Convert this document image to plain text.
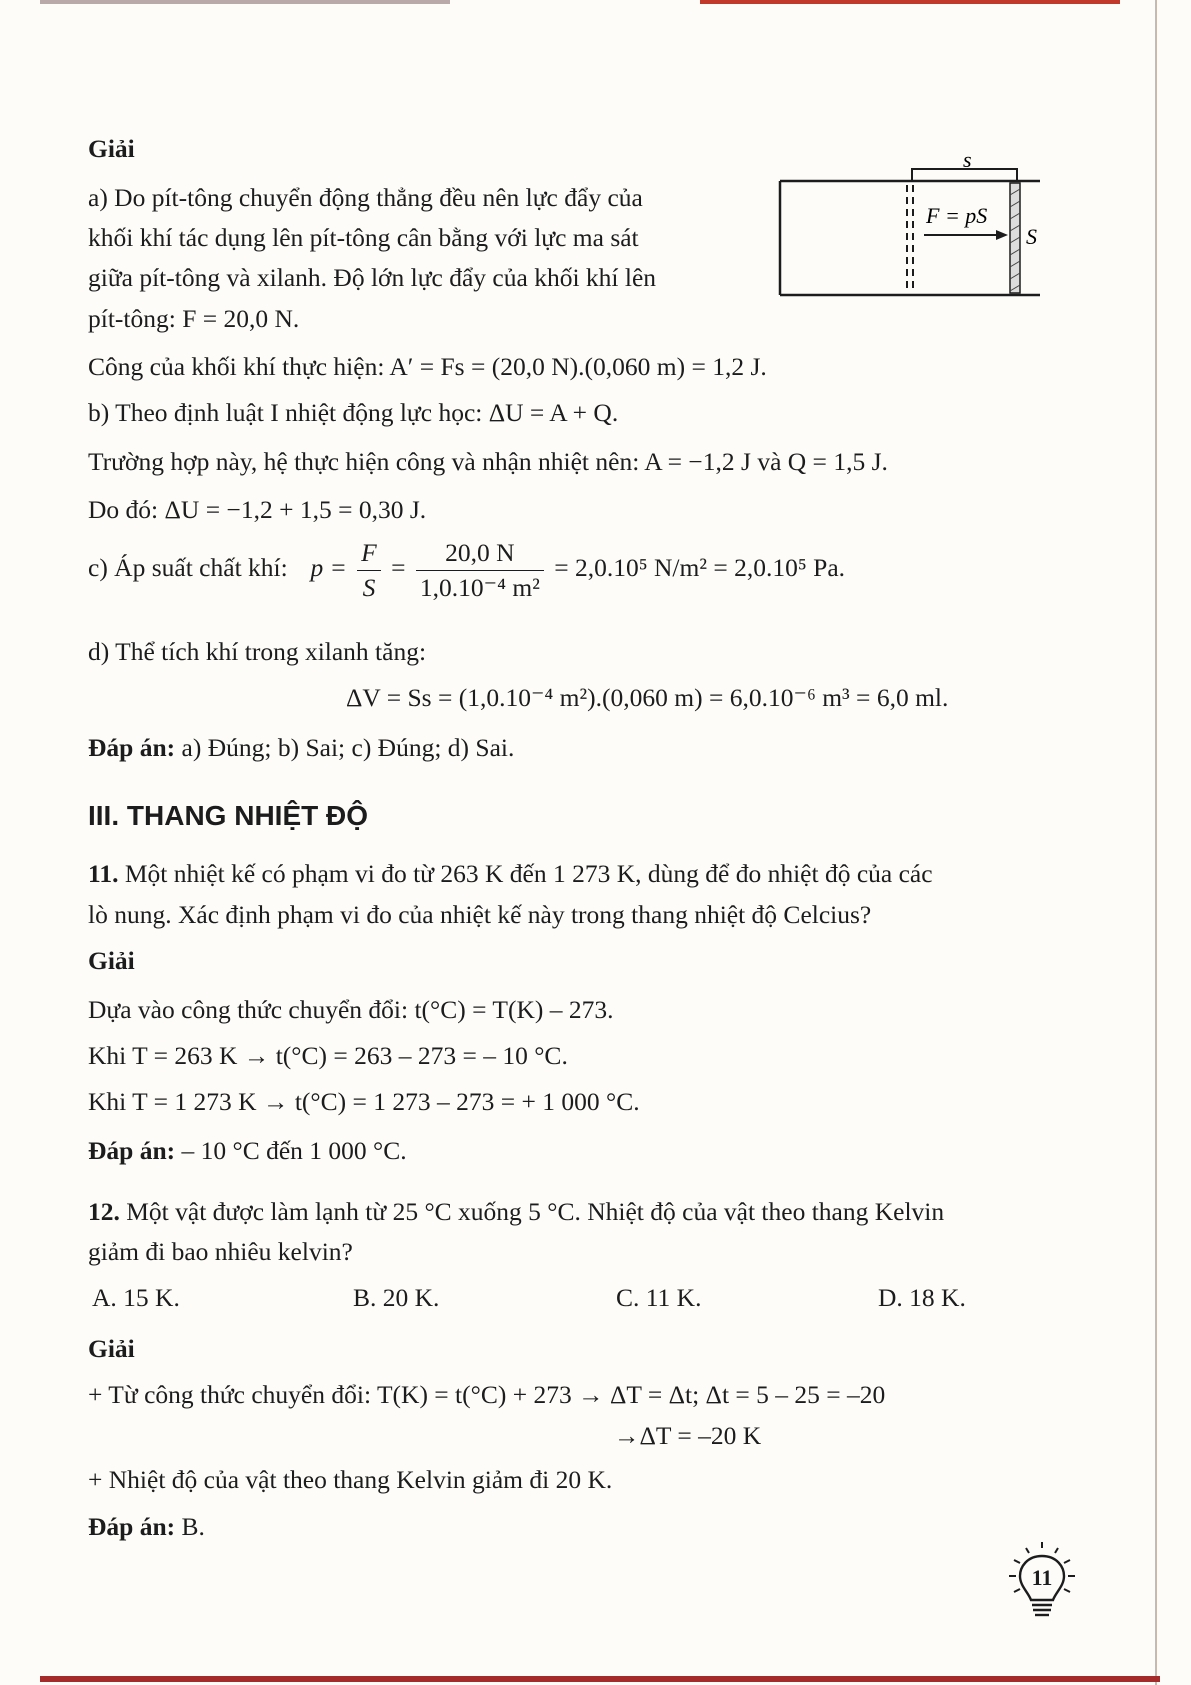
Giải	s
F = pS
S
a) Do pít-tông chuyển động thẳng đều nên lực đẩy của
khối khí tác dụng lên pít-tông cân bằng với lực ma sát
giữa pít-tông và xilanh. Độ lớn lực đẩy của khối khí lên
pít-tông: F = 20,0 N.
Công của khối khí thực hiện: A′ = Fs = (20,0 N).(0,060 m) = 1,2 J.
b) Theo định luật I nhiệt động lực học: ΔU = A + Q.
Trường hợp này, hệ thực hiện công và nhận nhiệt nên: A = −1,2 J và Q = 1,5 J.
Do đó: ΔU = −1,2 + 1,5 = 0,30 J.
c) Áp suất chất khí: $p = \frac{F}{S} = \frac{20,0 N}{\text{1,0.10⁻⁴ m²}} = 2,0.10^5$ N/m² = 2,0.10⁵ Pa.
d) Thể tích khí trong xilanh tăng:
ΔV = Ss = (1,0.10⁻⁴ m²).(0,060 m) = 6,0.10⁻⁶ m³ = 6,0 ml.
Đáp án: a) Đúng; b) Sai; c) Đúng; d) Sai.
III. THANG NHIỆT ĐỘ
11. Một nhiệt kế có phạm vi đo từ 263 K đến 1 273 K, dùng để đo nhiệt độ của các
lò nung. Xác định phạm vi đo của nhiệt kế này trong thang nhiệt độ Celcius?
Giải
Dựa vào công thức chuyển đổi: t(°C) = T(K) – 273.
Khi T = 263 K → t(°C) = 263 – 273 = – 10 °C.
Khi T = 1 273 K → t(°C) = 1 273 – 273 = + 1 000 °C.
Đáp án: – 10 °C đến 1 000 °C.
12. Một vật được làm lạnh từ 25 °C xuống 5 °C. Nhiệt độ của vật theo thang Kelvin
giảm đi bao nhiêu kelvin?
A. 15 K.	B. 20 K.	C. 11 K.	D. 18 K.
Giải
+ Từ công thức chuyển đổi: T(K) = t(°C) + 273 → ΔT = Δt; Δt = 5 – 25 = –20
→ΔT = –20 K
+ Nhiệt độ của vật theo thang Kelvin giảm đi 20 K.
Đáp án: B.
11
